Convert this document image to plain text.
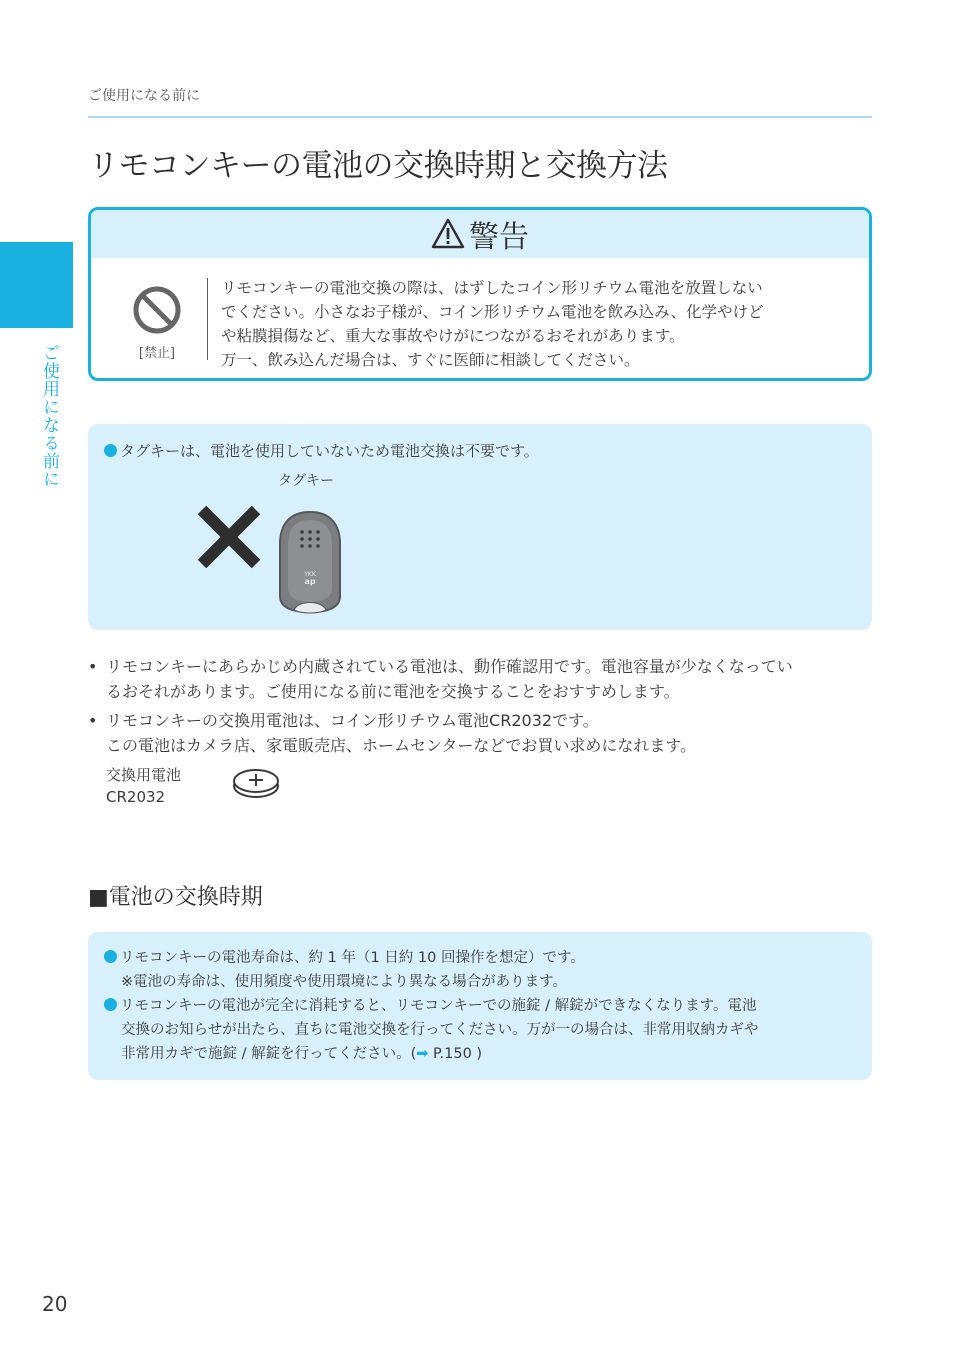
ご使用になる前に
ご使用になる前に
リモコンキーの電池の交換時期と交換方法
警告
[禁止]
リモコンキーの電池交換の際は、はずしたコイン形リチウム電池を放置しない
でください。小さなお子様が、コイン形リチウム電池を飲み込み、化学やけど
や粘膜損傷など、重大な事故やけがにつながるおそれがあります。
万一、飲み込んだ場合は、すぐに医師に相談してください。
タグキーは、電池を使用していないため電池交換は不要です。
タグキー
YKK
ap
• リモコンキーにあらかじめ内蔵されている電池は、動作確認用です。電池容量が少なくなってい
るおそれがあります。ご使用になる前に電池を交換することをおすすめします。
• リモコンキーの交換用電池は、コイン形リチウム電池CR2032です。
この電池はカメラ店、家電販売店、ホームセンターなどでお買い求めになれます。
交換用電池
CR2032
■電池の交換時期
リモコンキーの電池寿命は、約 1 年（1 日約 10 回操作を想定）です。
※電池の寿命は、使用頻度や使用環境により異なる場合があります。
リモコンキーの電池が完全に消耗すると、リモコンキーでの施錠 / 解錠ができなくなります。電池
交換のお知らせが出たら、直ちに電池交換を行ってください。万が一の場合は、非常用収納カギや
非常用カギで施錠 / 解錠を行ってください。(➡ P.150 )
20
